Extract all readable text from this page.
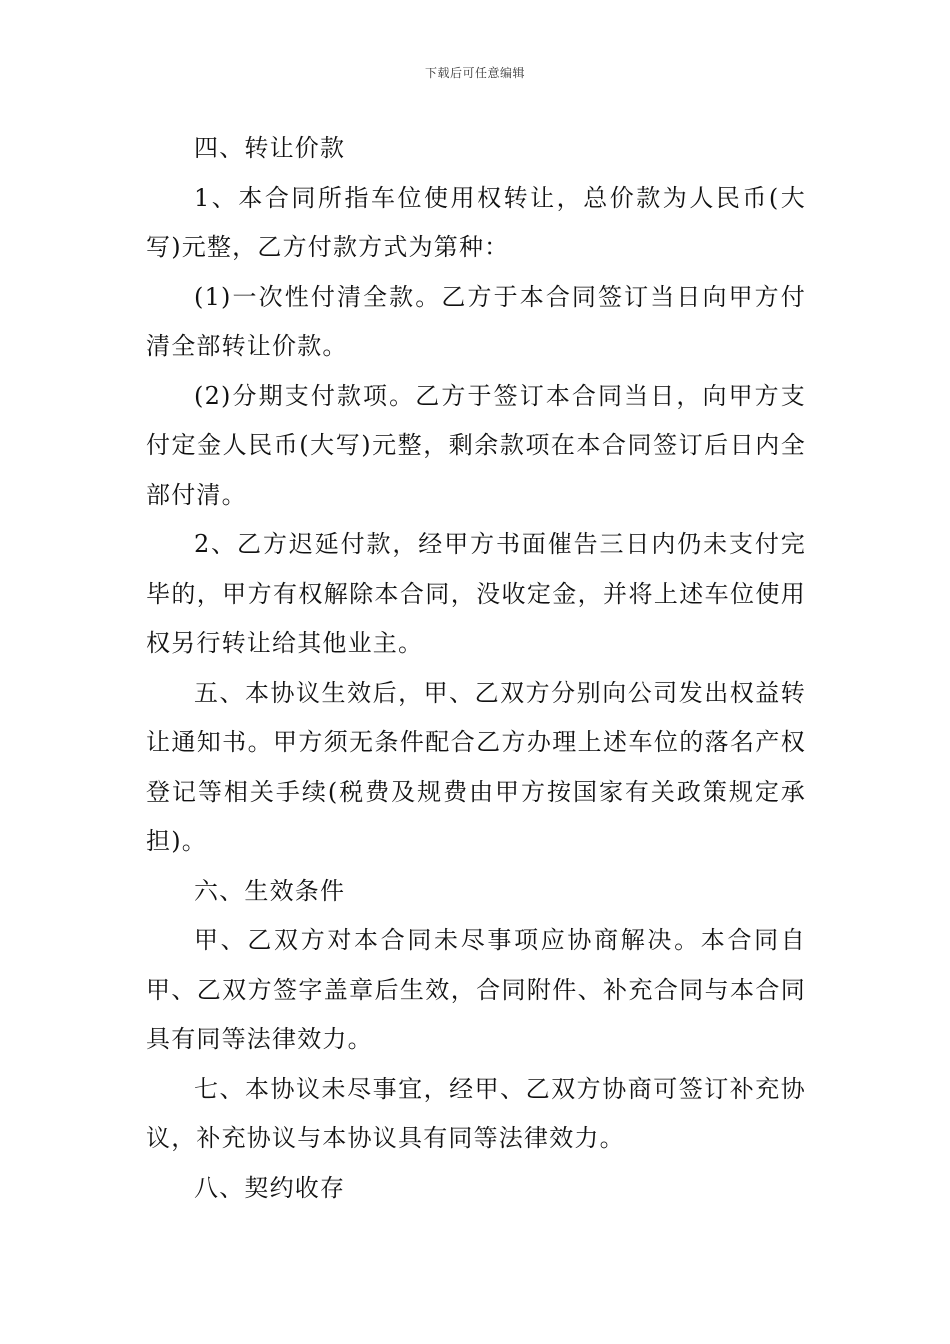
下载后可任意编辑

四、转让价款

1、本合同所指车位使用权转让，总价款为人民币(大写)元整，乙方付款方式为第种：

(1)一次性付清全款。乙方于本合同签订当日向甲方付清全部转让价款。

(2)分期支付款项。乙方于签订本合同当日，向甲方支付定金人民币(大写)元整，剩余款项在本合同签订后日内全部付清。

2、乙方迟延付款，经甲方书面催告三日内仍未支付完毕的，甲方有权解除本合同，没收定金，并将上述车位使用权另行转让给其他业主。

五、本协议生效后，甲、乙双方分别向公司发出权益转让通知书。甲方须无条件配合乙方办理上述车位的落名产权登记等相关手续(税费及规费由甲方按国家有关政策规定承担)。

六、生效条件

甲、乙双方对本合同未尽事项应协商解决。本合同自甲、乙双方签字盖章后生效，合同附件、补充合同与本合同具有同等法律效力。

七、本协议未尽事宜，经甲、乙双方协商可签订补充协议，补充协议与本协议具有同等法律效力。

八、契约收存
